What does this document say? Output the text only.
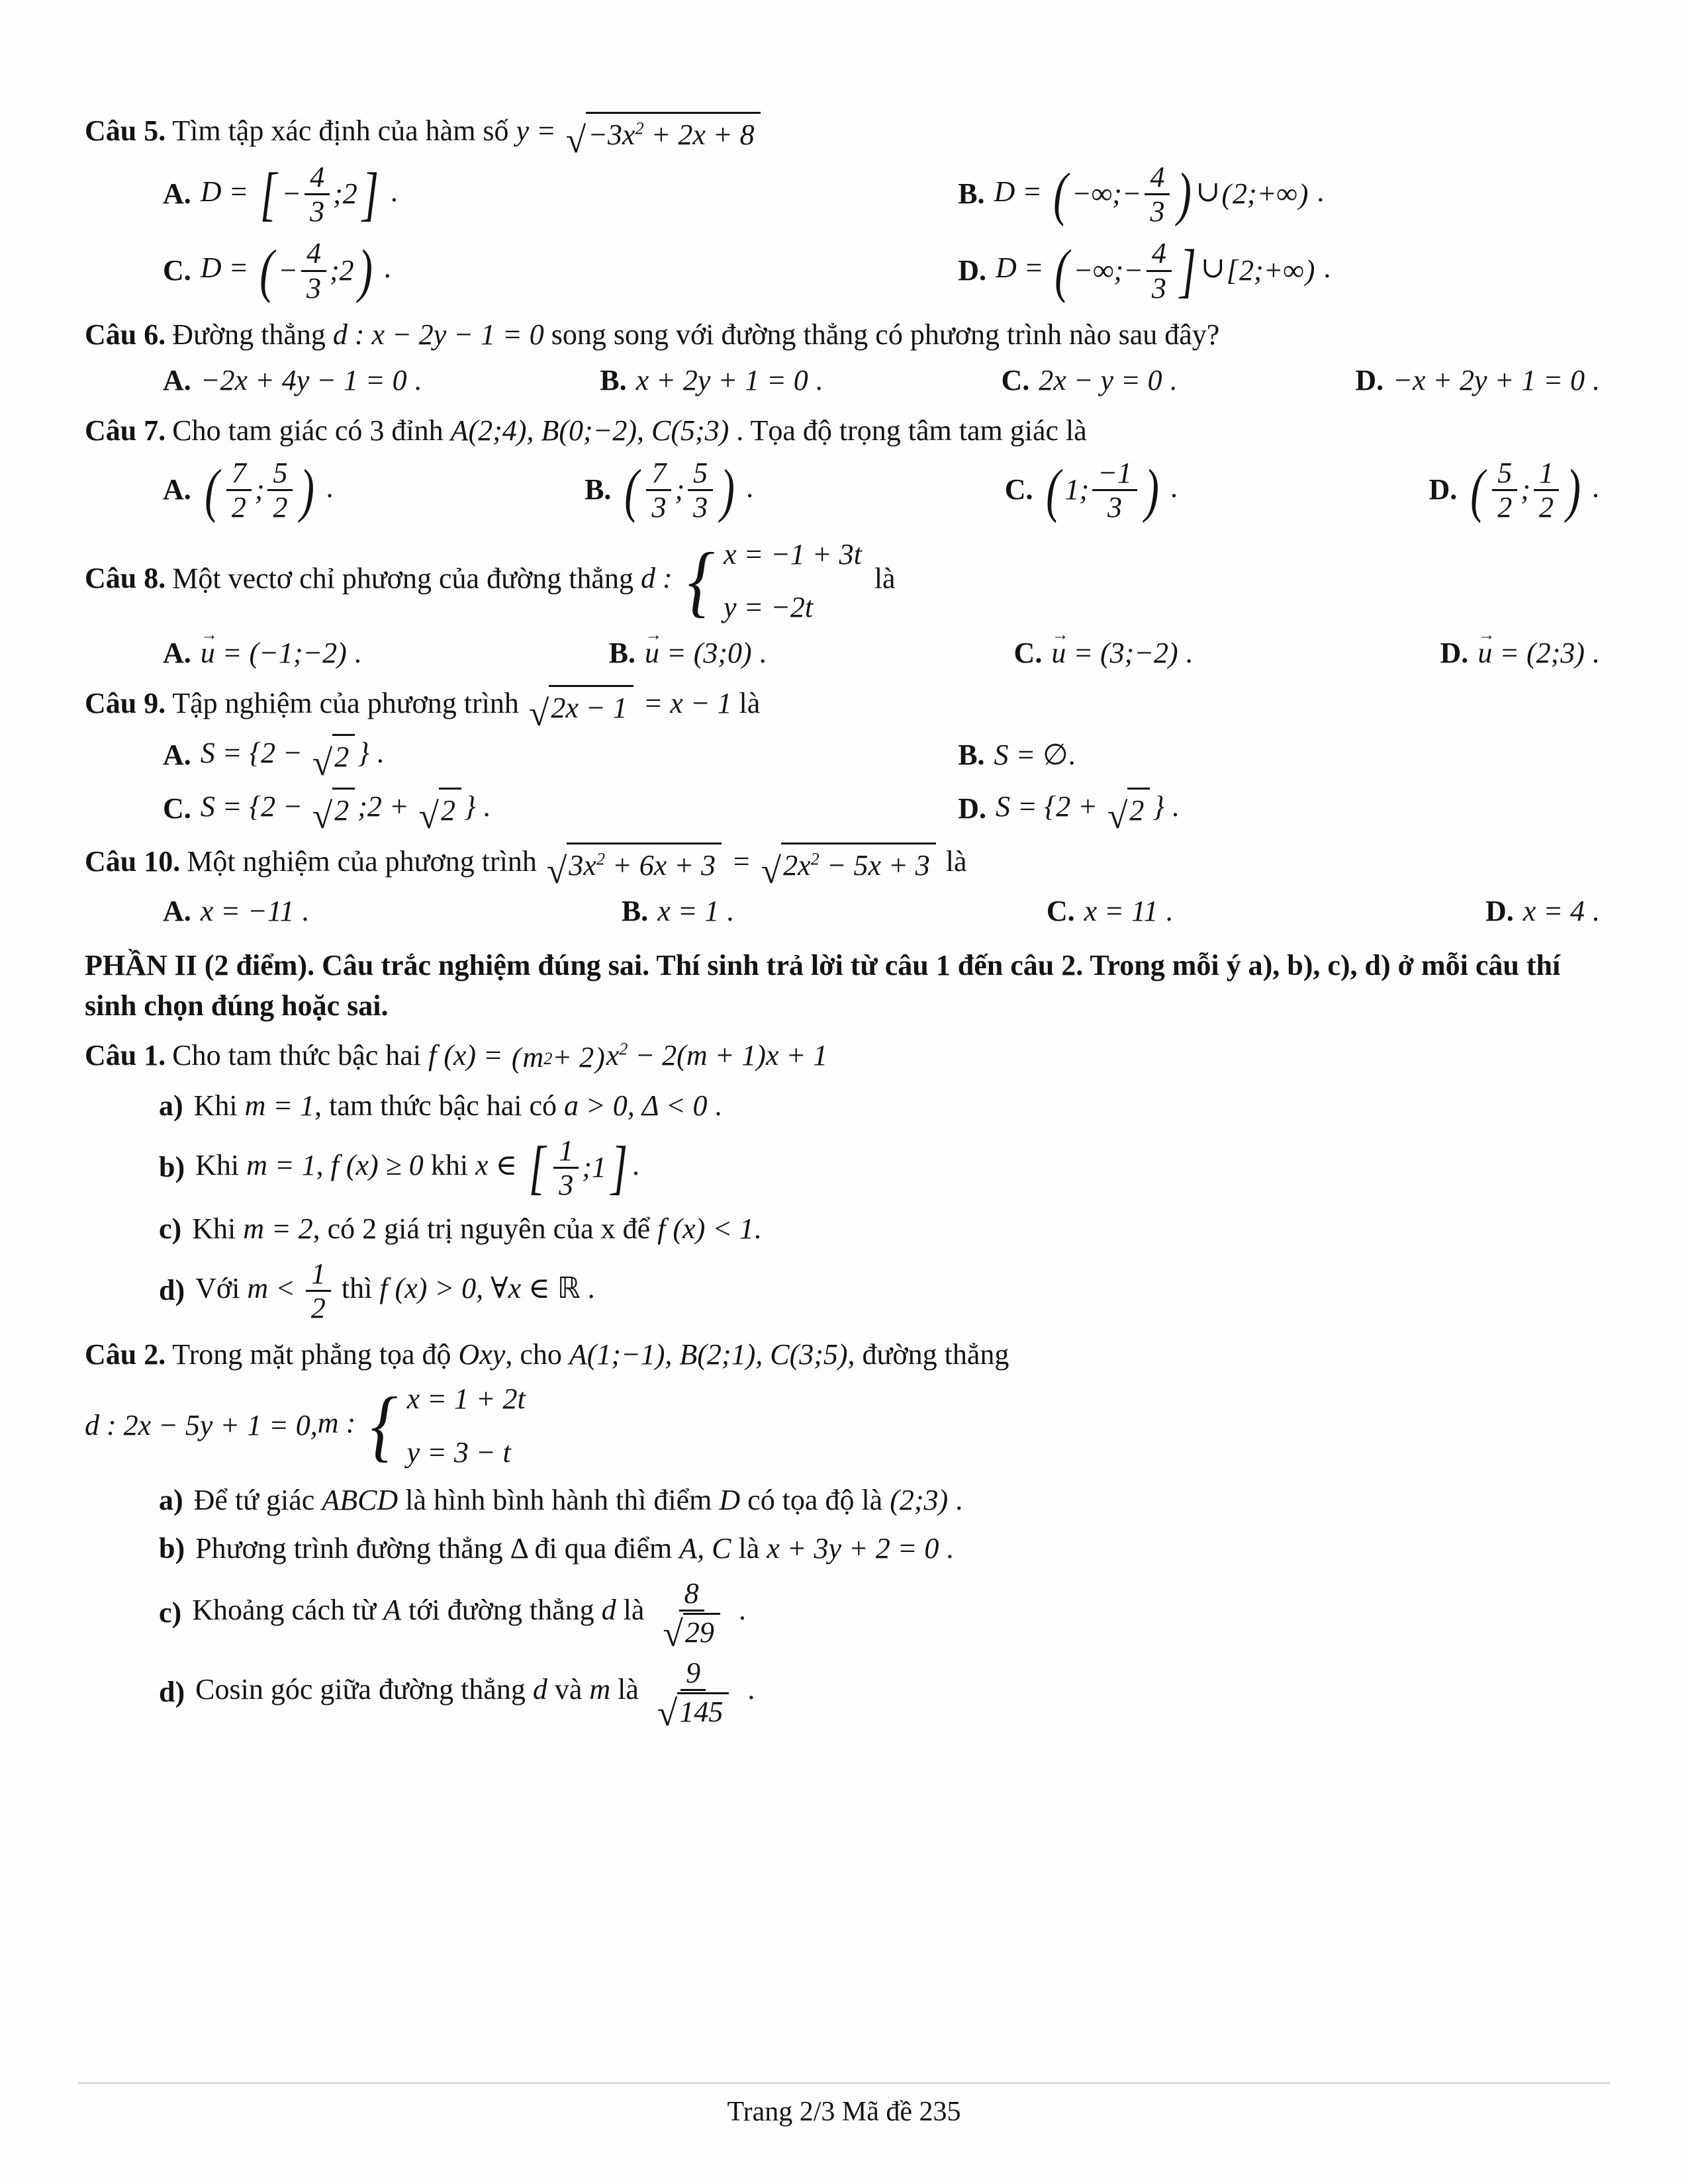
Câu 5. Tìm tập xác định của hàm số y = √ $-3x^2 + 2x + 8$

A. D = [ − $\frac{4}{3}$ ;2 ] .	B. D = ( −∞;− $\frac{4}{3}$ ) ∪ ( 2;+∞ ) .
C. D = ( − $\frac{4}{3}$ ;2 ) .	D. D = ( −∞;− $\frac{4}{3}$ ] ∪ [ 2;+∞ ) .

Câu 6. Đường thẳng d : x − 2y − 1 = 0 song song với đường thẳng có phương trình nào sau đây?

A. −2x + 4y − 1 = 0 .	B. x + 2y + 1 = 0 .	C. 2x − y = 0 .	D. −x + 2y + 1 = 0 .

Câu 7. Cho tam giác có 3 đỉnh A(2;4), B(0;−2), C(5;3) . Tọa độ trọng tâm tam giác là

A. ( $\frac{7}{2}$ ; $\frac{5}{2}$ ) .	B. ( $\frac{7}{3}$ ; $\frac{5}{3}$ ) .	C. ( 1; $\frac{-1}{3}$ ) .	D. ( $\frac{5}{2}$ ; $\frac{1}{2}$ ) .

Câu 8. Một vectơ chỉ phương của đường thẳng d : { x = −1 + 3t
y = −2t
là

A. → u = (−1;−2) .	B. → u = (3;0) .	C. → u = (3;−2) .	D. → u = (2;3) .

Câu 9. Tập nghiệm của phương trình √ 2x − 1 = x − 1 là

A. S = {2 − √ 2 } .	B. S = ∅.
C. S = {2 − √ 2 ;2 + √ 2 } .	D. S = {2 + √ 2 } .

Câu 10. Một nghiệm của phương trình √ $3x^2 + 6x + 3$ = √ $2x^2 - 5x + 3$ là

A. x = −11 .	B. x = 1 .	C. x = 11 .	D. x = 4 .

PHẦN II (2 điểm). Câu trắc nghiệm đúng sai. Thí sinh trả lời từ câu 1 đến câu 2. Trong mỗi ý a), b), c), d) ở mỗi câu thí sinh chọn đúng hoặc sai.

Câu 1. Cho tam thức bậc hai f (x) = ( m 2 + 2 ) $x^2 - 2(m + 1)x + 1$

a) Khi m = 1, tam thức bậc hai có a > 0, Δ < 0 .
b) Khi m = 1, f (x) ≥ 0 khi x ∈ [ $\frac{1}{3}$ ;1 ] .
c) Khi m = 2, có 2 giá trị nguyên của x để f (x) < 1.
d) Với $m < \frac{1}{2}$ thì f (x) > 0, ∀x ∈ ℝ .

Câu 2. Trong mặt phẳng tọa độ Oxy, cho A(1;−1), B(2;1), C(3;5), đường thẳng

d : 2x − 5y + 1 = 0, m : { x = 1 + 2t
y = 3 − t
a) Để tứ giác ABCD là hình bình hành thì điểm D có tọa độ là (2;3) .
b) Phương trình đường thẳng Δ đi qua điểm A, C là x + 3y + 2 = 0 .
c) Khoảng cách từ A tới đường thẳng d là $\frac{8}{√ 29}$ .
d) Cosin góc giữa đường thẳng d và m là $\frac{9}{√ 145}$ .
Trang 2/3 Mã đề 235
